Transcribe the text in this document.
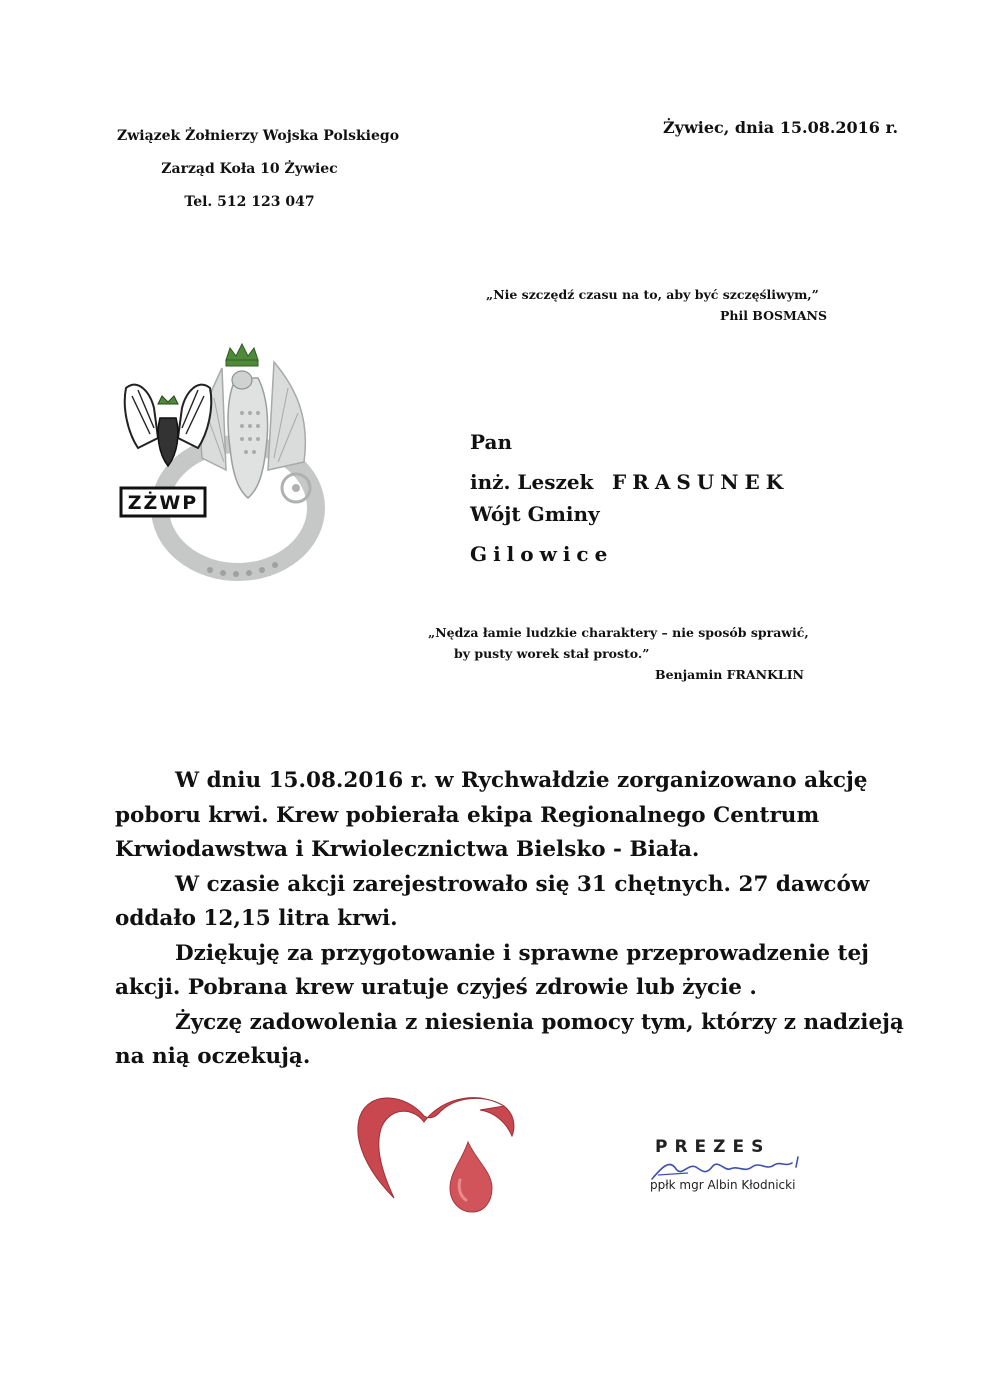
Związek Żołnierzy Wojska Polskiego
Zarząd Koła 10 Żywiec
Tel. 512 123 047
Żywiec, dnia 15.08.2016 r.
„Nie szczędź czasu na to, aby być szczęśliwym,”
Phil BOSMANS
ZŻWP
Pan
inż. Leszek FRASUNEK
Wójt Gminy
Gilowice
„Nędza łamie ludzkie charaktery – nie sposób sprawić,
by pusty worek stał prosto.”
Benjamin FRANKLIN
W dniu 15.08.2016 r. w Rychwałdzie zorganizowano akcję
poboru krwi. Krew pobierała ekipa Regionalnego Centrum
Krwiodawstwa i Krwiolecznictwa Bielsko - Biała.
W czasie akcji zarejestrowało się 31 chętnych. 27 dawców
oddało 12,15 litra krwi.
Dziękuję za przygotowanie i sprawne przeprowadzenie tej
akcji. Pobrana krew uratuje czyjeś zdrowie lub życie .
Życzę zadowolenia z niesienia pomocy tym, którzy z nadzieją
na nią oczekują.
PREZES
ppłk mgr Albin Kłodnicki
